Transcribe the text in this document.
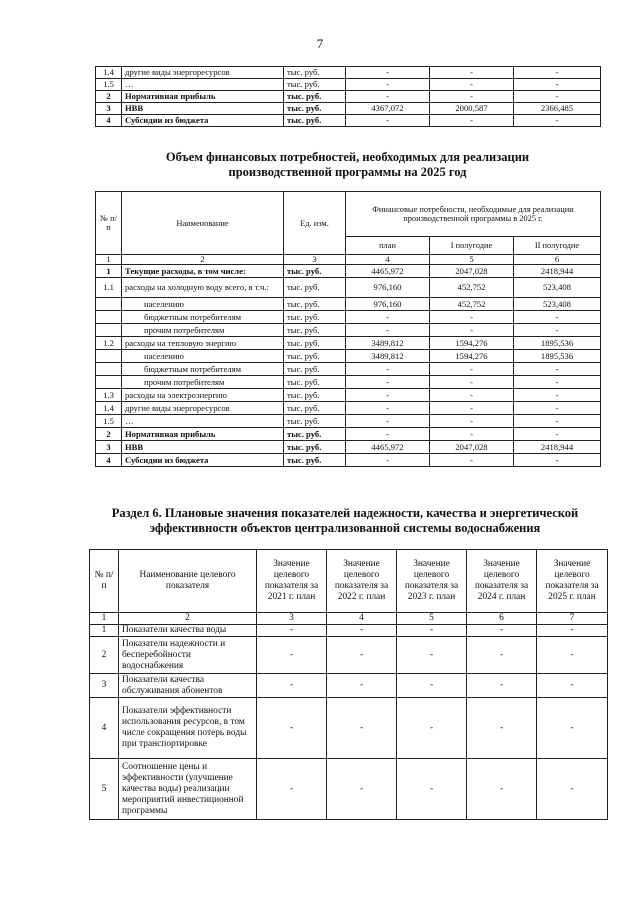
7
1.4	другие виды энергоресурсов	тыс. руб.	-	-	-
1.5	…	тыс. руб.	-	-	-
2	Нормативная прибыль	тыс. руб.	-	-	-
3	НВВ	тыс. руб.	4367,072	2000,587	2366,485
4	Субсидии из бюджета	тыс. руб.	-	-	-
Объем финансовых потребностей, необходимых для реализации
производственной программы на 2025 год
№ п/п	Наименование	Ед. изм.	Финансовые потребности, необходимые для реализации производственной программы в 2025 г.		
			план	I полугодие	II полугодие
1	2	3	4	5	6
1	Текущие расходы, в том числе:	тыс. руб.	4465,972	2047,028	2418,944
1.1	расходы на холодную воду всего, в т.ч.:	тыс. руб.	976,160	452,752	523,408
	населению	тыс. руб.	976,160	452,752	523,408
	бюджетным потребителям	тыс. руб.	-	-	-
	прочим потребителям	тыс. руб.	-	-	-
1.2	расходы на тепловую энергию	тыс. руб.	3489,812	1594,276	1895,536
	населению	тыс. руб.	3489,812	1594,276	1895,536
	бюджетным потребителям	тыс. руб.	-	-	-
	прочим потребителям	тыс. руб.	-	-	-
1.3	расходы на электроэнергию	тыс. руб.	-	-	-
1.4	другие виды энергоресурсов	тыс. руб.	-	-	-
1.5	…	тыс. руб.	-	-	-
2	Нормативная прибыль	тыс. руб.	-	-	-
3	НВВ	тыс. руб.	4465,972	2047,028	2418,944
4	Субсидии из бюджета	тыс. руб.	-	-	-
Раздел 6. Плановые значения показателей надежности, качества и энергетической
эффективности объектов централизованной системы водоснабжения
№ п/ п	Наименование целевого показателя	Значение целевого показателя за 2021 г. план	Значение целевого показателя за 2022 г. план	Значение целевого показателя за 2023 г. план	Значение целевого показателя за 2024 г. план	Значение целевого показателя за 2025 г. план
1	2	3	4	5	6	7
1	Показатели качества воды	-	-	-	-	-
2	Показатели надежности и бесперебойности водоснабжения	-	-	-	-	-
3	Показатели качества обслуживания абонентов	-	-	-	-	-
4	Показатели эффективности использования ресурсов, в том числе сокращения потерь воды при транспортировке	-	-	-	-	-
5	Соотношение цены и эффективности (улучшение качества воды) реализации мероприятий инвестиционной программы	-	-	-	-	-
